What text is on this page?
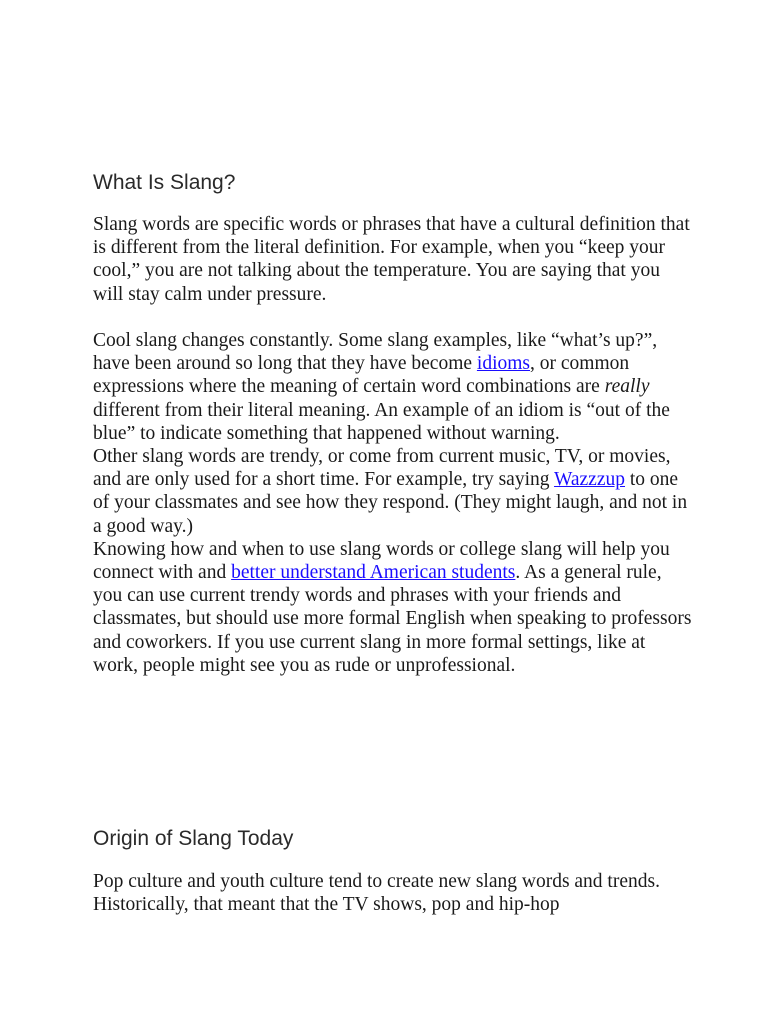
What Is Slang?

Slang words are specific words or phrases that have a cultural definition that is different from the literal definition. For example, when you “keep your cool,” you are not talking about the temperature. You are saying that you will stay calm under pressure.

Cool slang changes constantly. Some slang examples, like “what’s up?”, have been around so long that they have become idioms, or common expressions where the meaning of certain word combinations are really different from their literal meaning. An example of an idiom is “out of the blue” to indicate something that happened without warning.

Other slang words are trendy, or come from current music, TV, or movies, and are only used for a short time. For example, try saying Wazzzup to one of your classmates and see how they respond. (They might laugh, and not in a good way.)

Knowing how and when to use slang words or college slang will help you connect with and better understand American students. As a general rule, you can use current trendy words and phrases with your friends and classmates, but should use more formal English when speaking to professors and coworkers. If you use current slang in more formal settings, like at work, people might see you as rude or unprofessional.

Origin of Slang Today

Pop culture and youth culture tend to create new slang words and trends. Historically, that meant that the TV shows, pop and hip-hop
